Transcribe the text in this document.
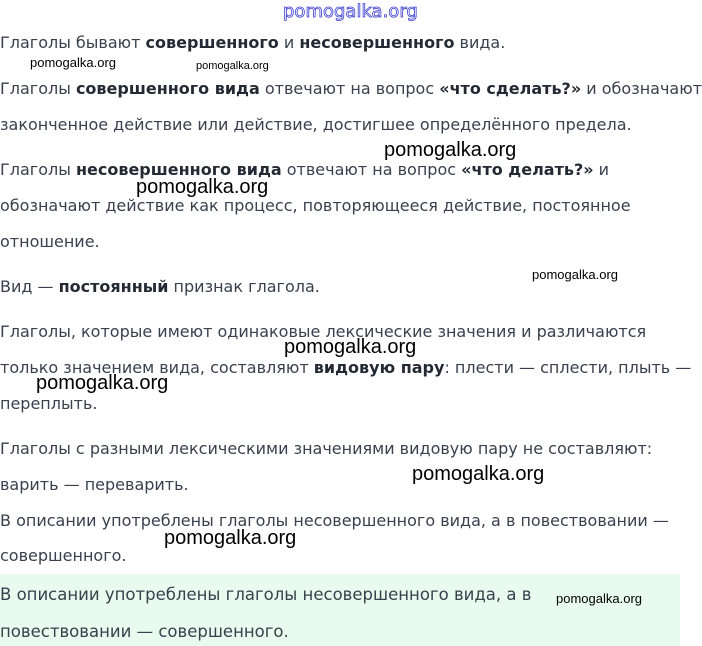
Глаголы бывают совершенного и несовершенного вида.
Глаголы совершенного вида отвечают на вопрос «что сделать?» и обозначают
законченное действие или действие, достигшее определённого предела.
Глаголы несовершенного вида отвечают на вопрос «что делать?» и
обозначают действие как процесс, повторяющееся действие, постоянное
отношение.
Вид — постоянный признак глагола.
Глаголы, которые имеют одинаковые лексические значения и различаются
только значением вида, составляют видовую пару: плести — сплести, плыть —
переплыть.
Глаголы с разными лексическими значениями видовую пару не составляют:
варить — переварить.
В описании употреблены глаголы несовершенного вида, а в повествовании —
совершенного.
В описании употреблены глаголы несовершенного вида, а в
повествовании — совершенного.
pomogalka.org
pomogalka.org	pomogalka.org
pomogalka.org
pomogalka.org
pomogalka.org
pomogalka.org
pomogalka.org
pomogalka.org
pomogalka.org
pomogalka.org
